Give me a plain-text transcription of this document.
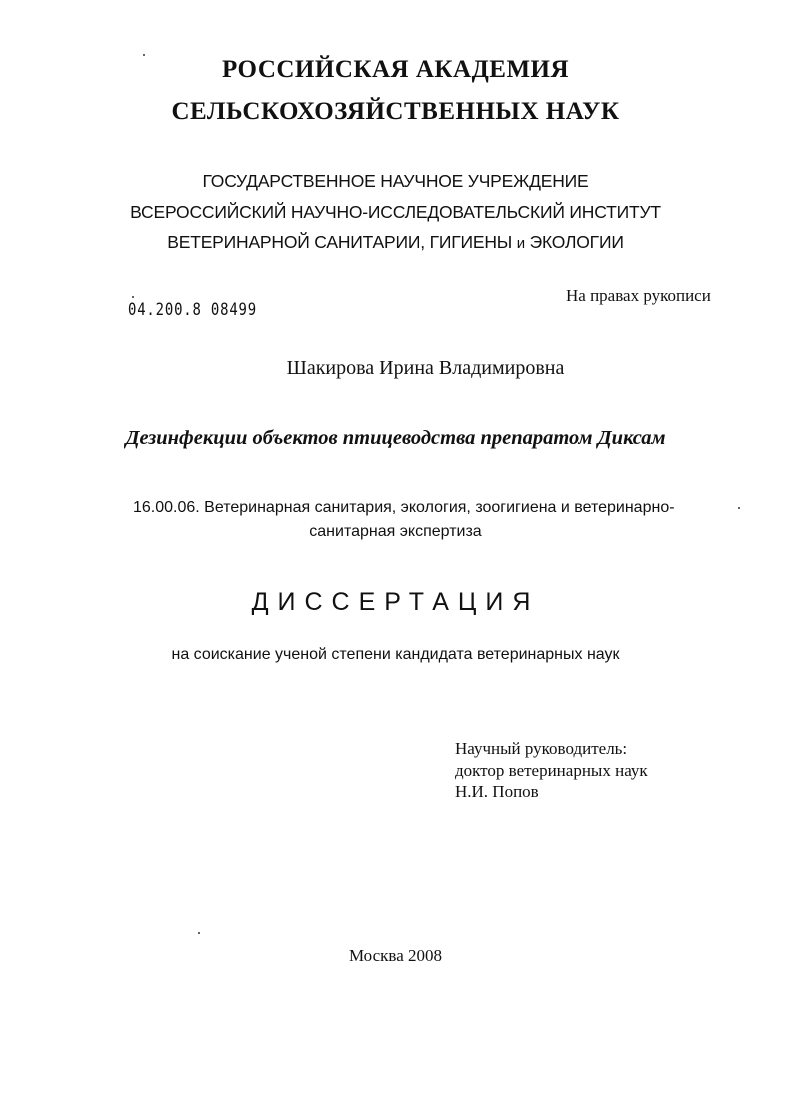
РОССИЙСКАЯ АКАДЕМИЯ
СЕЛЬСКОХОЗЯЙСТВЕННЫХ НАУК
ГОСУДАРСТВЕННОЕ НАУЧНОЕ УЧРЕЖДЕНИЕ
ВСЕРОССИЙСКИЙ НАУЧНО-ИССЛЕДОВАТЕЛЬСКИЙ ИНСТИТУТ
ВЕТЕРИНАРНОЙ САНИТАРИИ, ГИГИЕНЫ и ЭКОЛОГИИ
04.200.8 08499
На правах рукописи
Шакирова Ирина Владимировна
Дезинфекции объектов птицеводства препаратом Диксам
16.00.06. Ветеринарная санитария, экология, зоогигиена и ветеринарно-
санитарная экспертиза
ДИССЕРТАЦИЯ
на соискание ученой степени кандидата ветеринарных наук
Научный руководитель:
доктор ветеринарных наук
Н.И. Попов
Москва 2008
